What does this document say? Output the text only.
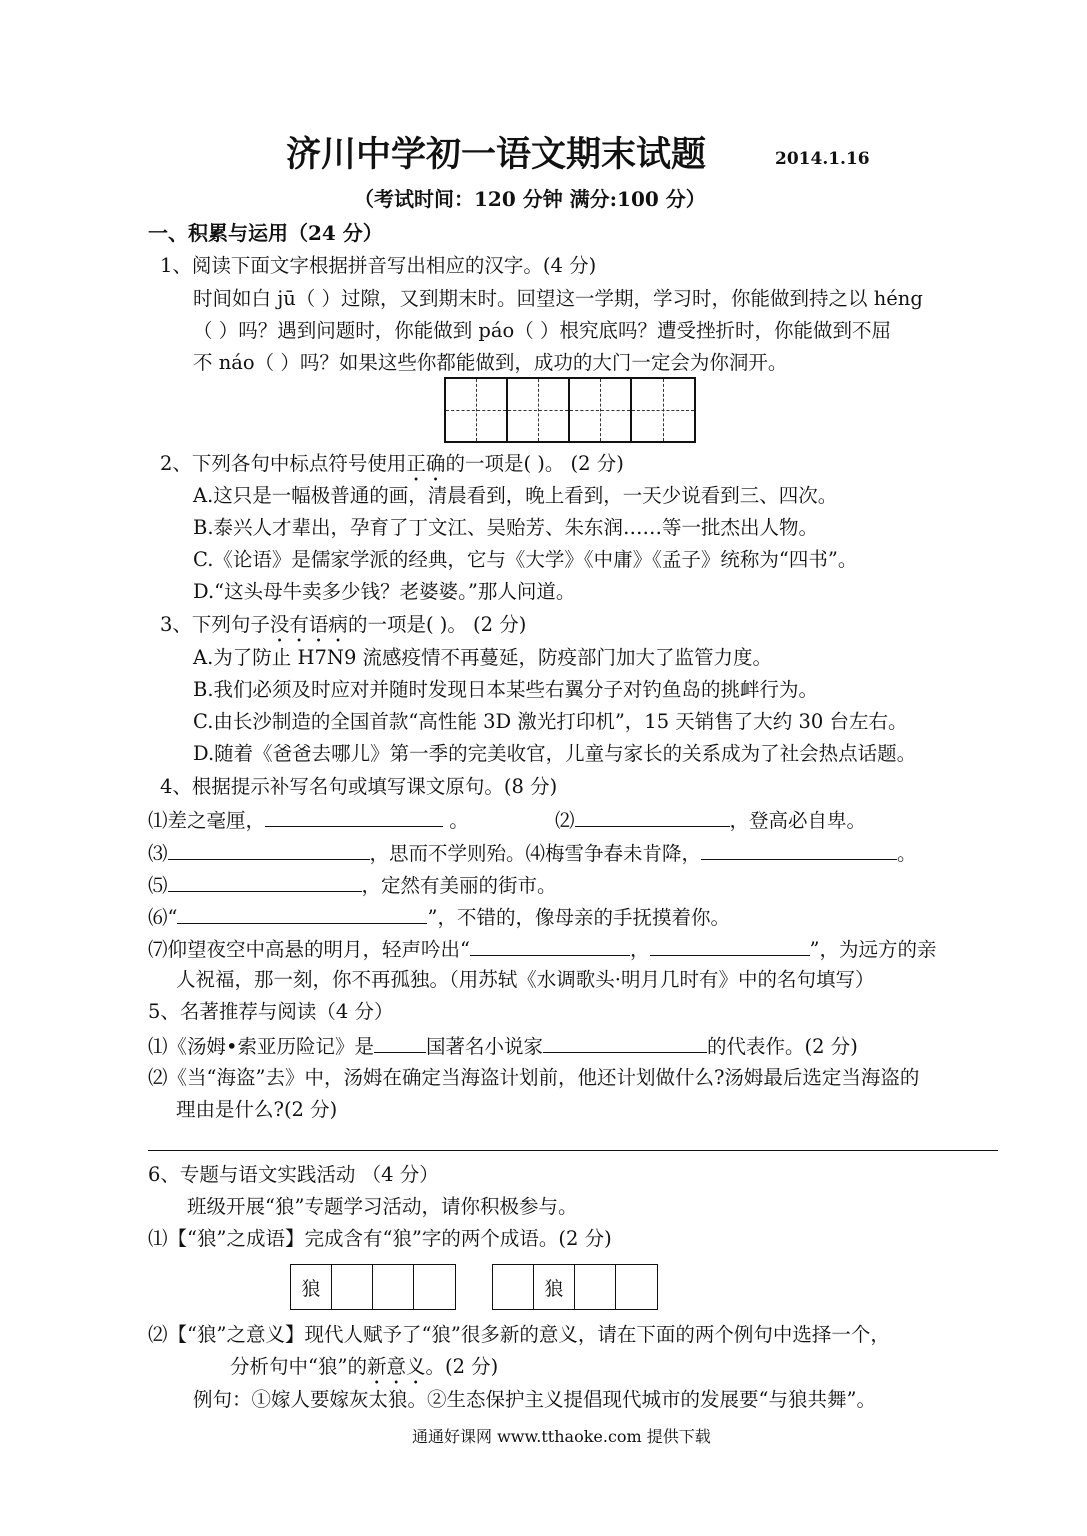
济川中学初一语文期末试题	2014.1.16
（考试时间：120 分钟 满分:100 分）
一、积累与运用（24 分）
1、阅读下面文字根据拼音写出相应的汉字。(4 分)
时间如白 jū（ ）过隙，又到期末时。回望这一学期，学习时，你能做到持之以 héng
（ ）吗？遇到问题时，你能做到 páo（ ）根究底吗？遭受挫折时，你能做到不屈
不 náo（ ）吗？如果这些你都能做到，成功的大门一定会为你洞开。
2、下列各句中标点符号使用正确的一项是( )。 (2 分)
A.这只是一幅极普通的画，清晨看到，晚上看到，一天少说看到三、四次。
B.泰兴人才辈出，孕育了丁文江、吴贻芳、朱东润……等一批杰出人物。
C.《论语》是儒家学派的经典，它与《大学》《中庸》《孟子》统称为“四书”。
D.“这头母牛卖多少钱？老婆婆。”那人问道。
3、下列句子没有语病的一项是( )。 (2 分)
A.为了防止 H7N9 流感疫情不再蔓延，防疫部门加大了监管力度。
B.我们必须及时应对并随时发现日本某些右翼分子对钓鱼岛的挑衅行为。
C.由长沙制造的全国首款“高性能 3D 激光打印机”，15 天销售了大约 30 台左右。
D.随着《爸爸去哪儿》第一季的完美收官，儿童与家长的关系成为了社会热点话题。
4、根据提示补写名句或填写课文原句。(8 分)
⑴差之毫厘，	。	⑵	，登高必自卑。
⑶	，思而不学则殆。⑷梅雪争春未肯降，	。
⑸	，定然有美丽的街市。
⑹“	”，不错的，像母亲的手抚摸着你。
⑺仰望夜空中高悬的明月，轻声吟出“	，	”，为远方的亲
人祝福，那一刻，你不再孤独。（用苏轼《水调歌头·明月几时有》中的名句填写）
5、名著推荐与阅读（4 分）
⑴《汤姆•索亚历险记》是	国著名小说家	的代表作。(2 分)
⑵《当“海盗”去》中，汤姆在确定当海盗计划前，他还计划做什么?汤姆最后选定当海盗的
理由是什么?(2 分)
6、专题与语文实践活动 （4 分）
班级开展“狼”专题学习活动，请你积极参与。
⑴【“狼”之成语】完成含有“狼”字的两个成语。(2 分)
狼	狼
⑵【“狼”之意义】现代人赋予了“狼”很多新的意义，请在下面的两个例句中选择一个，
分析句中“狼”的新意义。(2 分)
例句：①嫁人要嫁灰太狼。②生态保护主义提倡现代城市的发展要“与狼共舞”。
通通好课网 www.tthaoke.com 提供下载
